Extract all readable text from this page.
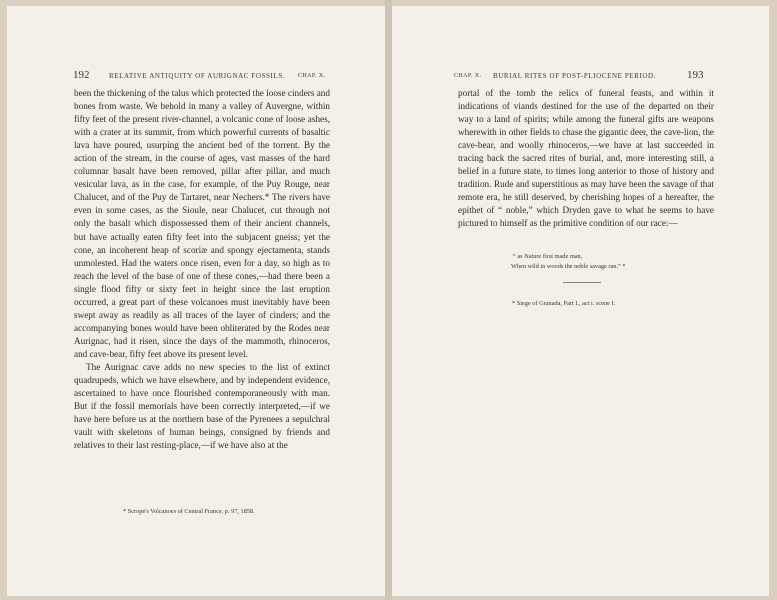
192	RELATIVE ANTIQUITY OF AURIGNAC FOSSILS. CHAP. X.

been the thickening of the talus which protected the loose cinders and bones from waste. We behold in many a valley of Auvergne, within fifty feet of the present river-channel, a volcanic cone of loose ashes, with a crater at its summit, from which powerful currents of basaltic lava have poured, usurping the ancient bed of the torrent. By the action of the stream, in the course of ages, vast masses of the hard columnar basalt have been removed, pillar after pillar, and much vesicular lava, as in the case, for example, of the Puy Rouge, near Chalucet, and of the Puy de Tartaret, near Nechers.* The rivers have even in some cases, as the Sioule, near Chalucet, cut through not only the basalt which dispossessed them of their ancient channels, but have actually eaten fifty feet into the subjacent gneiss; yet the cone, an incoherent heap of scoriæ and spongy ejectamenta, stands unmolested. Had the waters once risen, even for a day, so high as to reach the level of the base of one of these cones,—had there been a single flood fifty or sixty feet in height since the last eruption occurred, a great part of these volcanoes must inevitably have been swept away as readily as all traces of the layer of cinders; and the accompanying bones would have been obliterated by the Rodes near Aurignac, had it risen, since the days of the mammoth, rhinoceros, and cave-bear, fifty feet above its present level.

The Aurignac cave adds no new species to the list of extinct quadrupeds, which we have elsewhere, and by independent evidence, ascertained to have once flourished contemporaneously with man. But if the fossil memorials have been correctly interpreted,—if we have here before us at the northern base of the Pyrenees a sepulchral vault with skeletons of human beings, consigned by friends and relatives to their last resting-place,—if we have also at the

* Scrope's Volcanoes of Central France, p. 97, 1858.
CHAP. X. BURIAL RITES OF POST-PLIOCENE PERIOD.	193

portal of the tomb the relics of funeral feasts, and within it indications of viands destined for the use of the departed on their way to a land of spirits; while among the funeral gifts are weapons wherewith in other fields to chase the gigantic deer, the cave-lion, the cave-bear, and woolly rhinoceros,—we have at last succeeded in tracing back the sacred rites of burial, and, more interesting still, a belief in a future state, to times long anterior to those of history and tradition. Rude and superstitious as may have been the savage of that remote era, he still deserved, by cherishing hopes of a hereafter, the epithet of “ noble,” which Dryden gave to what he seems to have pictured to himself as the primitive condition of our race:—

“ as Nature first made man,
When wild in woods the noble savage ran.” *
* Siege of Granada, Part I., act i. scene I.
